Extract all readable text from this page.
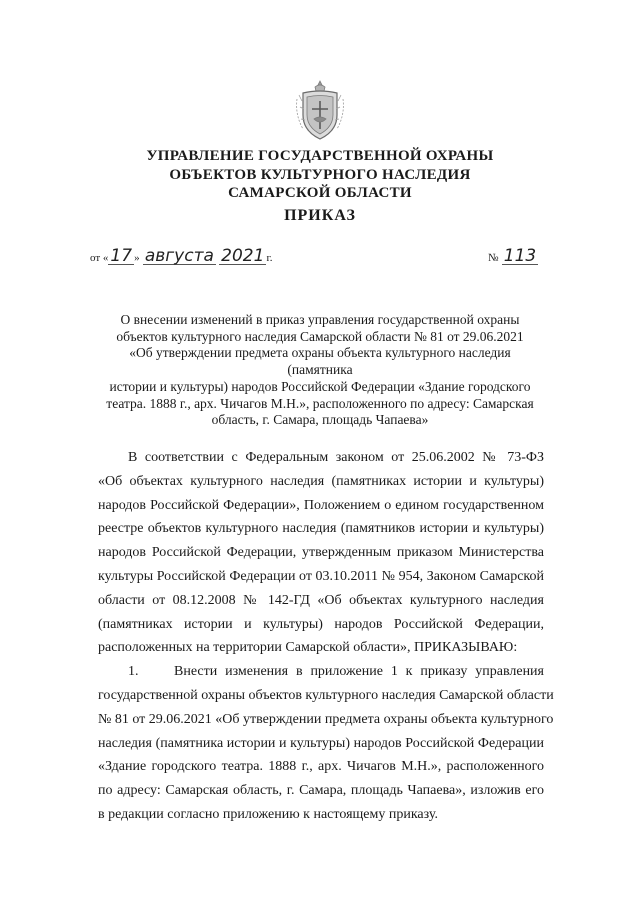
УПРАВЛЕНИЕ ГОСУДАРСТВЕННОЙ ОХРАНЫ
ОБЪЕКТОВ КУЛЬТУРНОГО НАСЛЕДИЯ
САМАРСКОЙ ОБЛАСТИ
ПРИКАЗ
от « 17 » августа 2021 г.	№ 113
О внесении изменений в приказ управления государственной охраны
объектов культурного наследия Самарской области № 81 от 29.06.2021
«Об утверждении предмета охраны объекта культурного наследия (памятника
истории и культуры) народов Российской Федерации «Здание городского
театра. 1888 г., арх. Чичагов М.Н.», расположенного по адресу: Самарская
область, г. Самара, площадь Чапаева»
В соответствии с Федеральным законом от 25.06.2002 № 73-ФЗ
«Об объектах культурного наследия (памятниках истории и культуры)
народов Российской Федерации», Положением о едином государственном
реестре объектов культурного наследия (памятников истории и культуры)
народов Российской Федерации, утвержденным приказом Министерства
культуры Российской Федерации от 03.10.2011 № 954, Законом Самарской
области от 08.12.2008 № 142-ГД «Об объектах культурного наследия
(памятниках истории и культуры) народов Российской Федерации,
расположенных на территории Самарской области», ПРИКАЗЫВАЮ:
1.	Внести изменения в приложение 1 к приказу управления
государственной охраны объектов культурного наследия Самарской области
№ 81 от 29.06.2021 «Об утверждении предмета охраны объекта культурного
наследия (памятника истории и культуры) народов Российской Федерации
«Здание городского театра. 1888 г., арх. Чичагов М.Н.», расположенного
по адресу: Самарская область, г. Самара, площадь Чапаева», изложив его
в редакции согласно приложению к настоящему приказу.
